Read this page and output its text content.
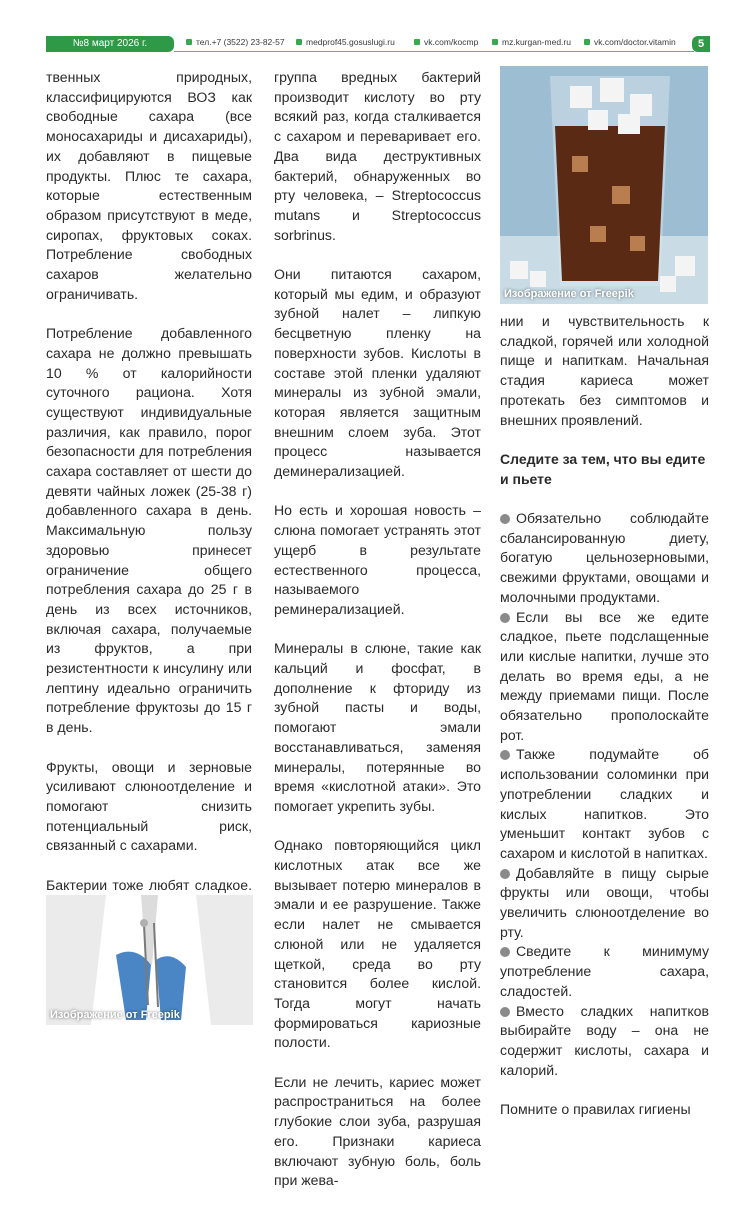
№8 март 2026 г.	тел.+7 (3522) 23-82-57	medprof45.gosuslugi.ru	vk.com/kocmp	mz.kurgan-med.ru	vk.com/doctor.vitamin	5

твенных природных, классифицируются ВОЗ как свободные сахара (все моносахариды и дисахариды), их добавляют в пищевые продукты. Плюс те сахара, которые естественным образом присутствуют в меде, сиропах, фруктовых соках. Потребление свободных сахаров желательно ограничивать.

Потребление добавленного сахара не должно превышать 10 % от калорийности суточного рациона. Хотя существуют индивидуальные различия, как правило, порог безопасности для потребления сахара составляет от шести до девяти чайных ложек (25-38 г) добавленного сахара в день. Максимальную пользу здоровью принесет ограничение общего потребления сахара до 25 г в день из всех источников, включая сахара, получаемые из фруктов, а при резистентности к инсулину или лептину идеально ограничить потребление фруктозы до 15 г в день.

Фрукты, овощи и зерновые усиливают слюноотделение и помогают снизить потенциальный риск, связанный с сахарами.

Бактерии тоже любят сладкое.

Изображение от Freepik

группа вредных бактерий производит кислоту во рту всякий раз, когда сталкивается с сахаром и переваривает его. Два вида деструктивных бактерий, обнаруженных во рту человека, – Streptococcus mutans и Streptococcus sorbrinus.

Они питаются сахаром, который мы едим, и образуют зубной налет – липкую бесцветную пленку на поверхности зубов. Кислоты в составе этой пленки удаляют минералы из зубной эмали, которая является защитным внешним слоем зуба. Этот процесс называется деминерализацией.

Но есть и хорошая новость – слюна помогает устранять этот ущерб в результате естественного процесса, называемого реминерализацией.

Минералы в слюне, такие как кальций и фосфат, в дополнение к фториду из зубной пасты и воды, помогают эмали восстанавливаться, заменяя минералы, потерянные во время «кислотной атаки». Это помогает укрепить зубы.

Однако повторяющийся цикл кислотных атак все же вызывает потерю минералов в эмали и ее разрушение. Также если налет не смывается слюной или не удаляется щеткой, среда во рту становится более кислой. Тогда могут начать формироваться кариозные полости.

Если не лечить, кариес может распространиться на более глубокие слои зуба, разрушая его. Признаки кариеса включают зубную боль, боль при жева-

Изображение от Freepik

нии и чувствительность к сладкой, горячей или холодной пище и напиткам. Начальная стадия кариеса может протекать без симптомов и внешних проявлений.

Следите за тем, что вы едите и пьете
Обязательно соблюдайте сбалансированную диету, богатую цельнозерновыми, свежими фруктами, овощами и молочными продуктами.
Если вы все же едите сладкое, пьете подслащенные или кислые напитки, лучше это делать во время еды, а не между приемами пищи. После обязательно прополоскайте рот.
Также подумайте об использовании соломинки при употреблении сладких и кислых напитков. Это уменьшит контакт зубов с сахаром и кислотой в напитках.
Добавляйте в пищу сырые фрукты или овощи, чтобы увеличить слюноотделение во рту.
Сведите к минимуму употребление сахара, сладостей.
Вместо сладких напитков выбирайте воду – она не содержит кислоты, сахара и калорий.

Помните о правилах гигиены
